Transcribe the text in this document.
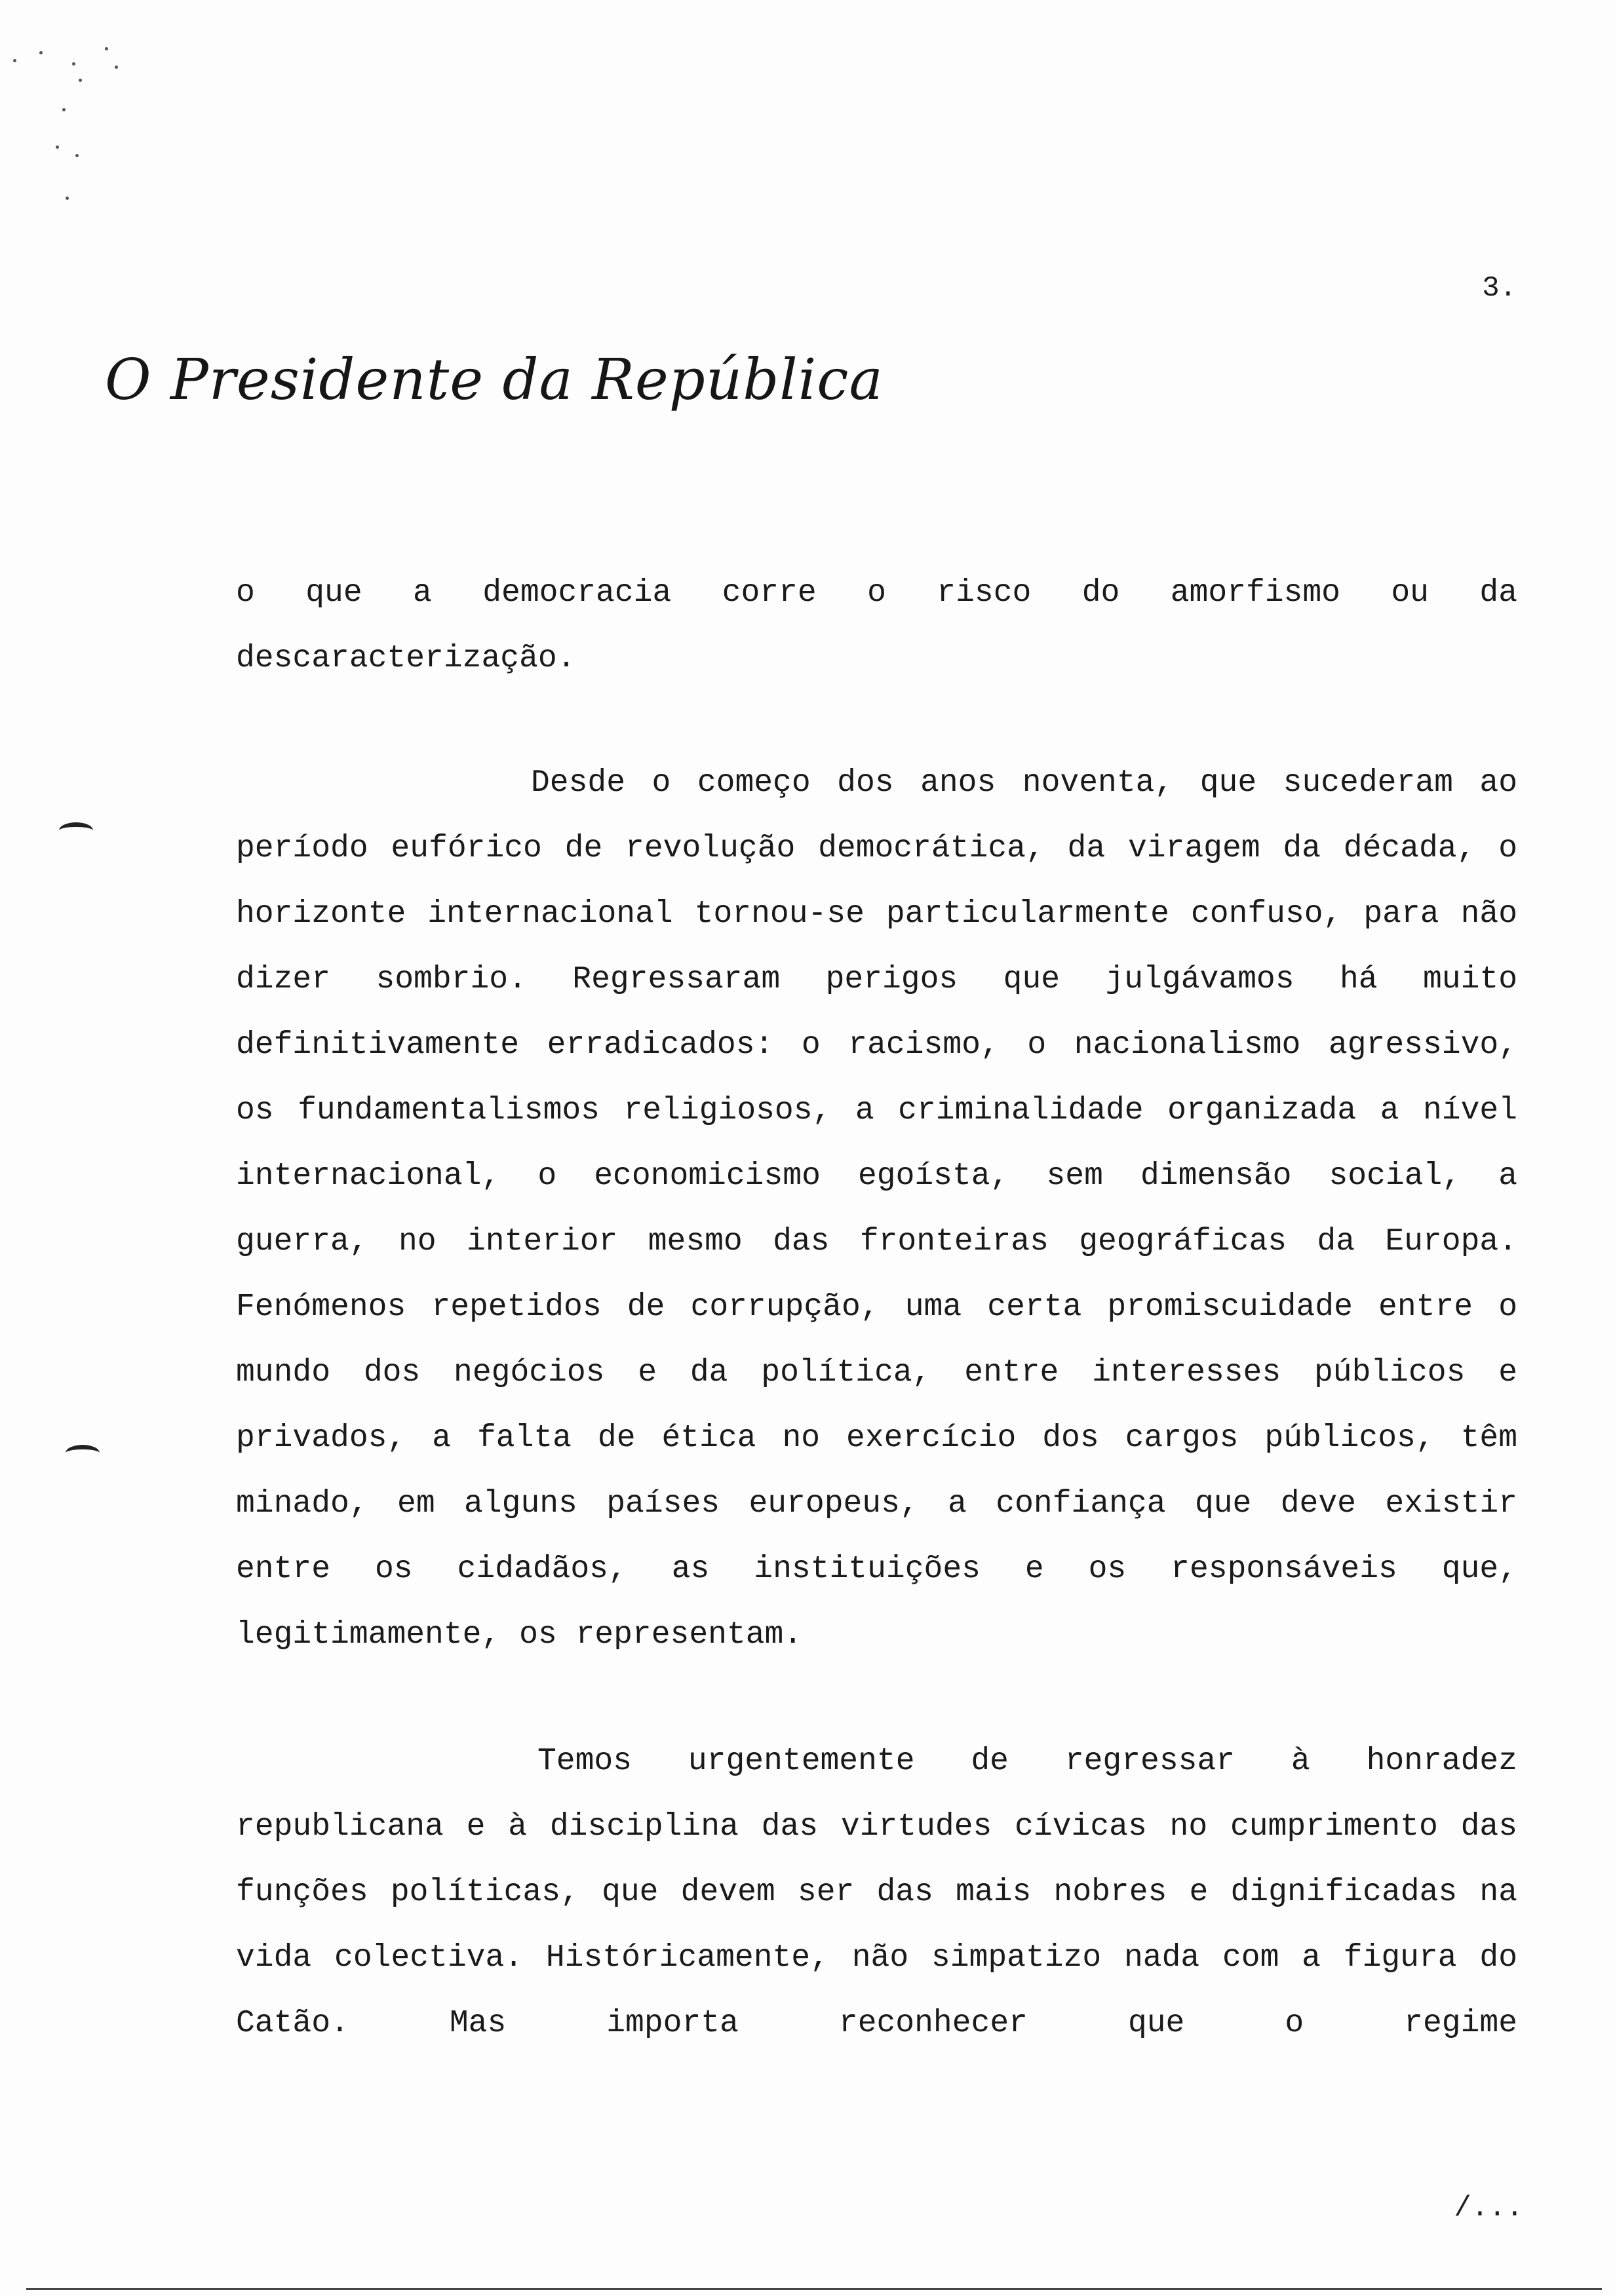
3.
O Presidente da República

o que a democracia corre o risco do amorfismo ou da descaracterização.

Desde o começo dos anos noventa, que sucederam ao período eufórico de revolução democrática, da viragem da década, o horizonte internacional tornou-se particularmente confuso, para não dizer sombrio. Regressaram perigos que julgávamos há muito definitivamente erradicados: o racismo, o nacionalismo agressivo, os fundamentalismos religiosos, a criminalidade organizada a nível internacional, o economicismo egoísta, sem dimensão social, a guerra, no interior mesmo das fronteiras geográficas da Europa. Fenómenos repetidos de corrupção, uma certa promiscuidade entre o mundo dos negócios e da política, entre interesses públicos e privados, a falta de ética no exercício dos cargos públicos, têm minado, em alguns países europeus, a confiança que deve existir entre os cidadãos, as instituições e os responsáveis que, legitimamente, os representam.

Temos urgentemente de regressar à honradez republicana e à disciplina das virtudes cívicas no cumprimento das funções políticas, que devem ser das mais nobres e dignificadas na vida colectiva. Históricamente, não simpatizo nada com a figura do Catão. Mas importa reconhecer que o regime

/...
